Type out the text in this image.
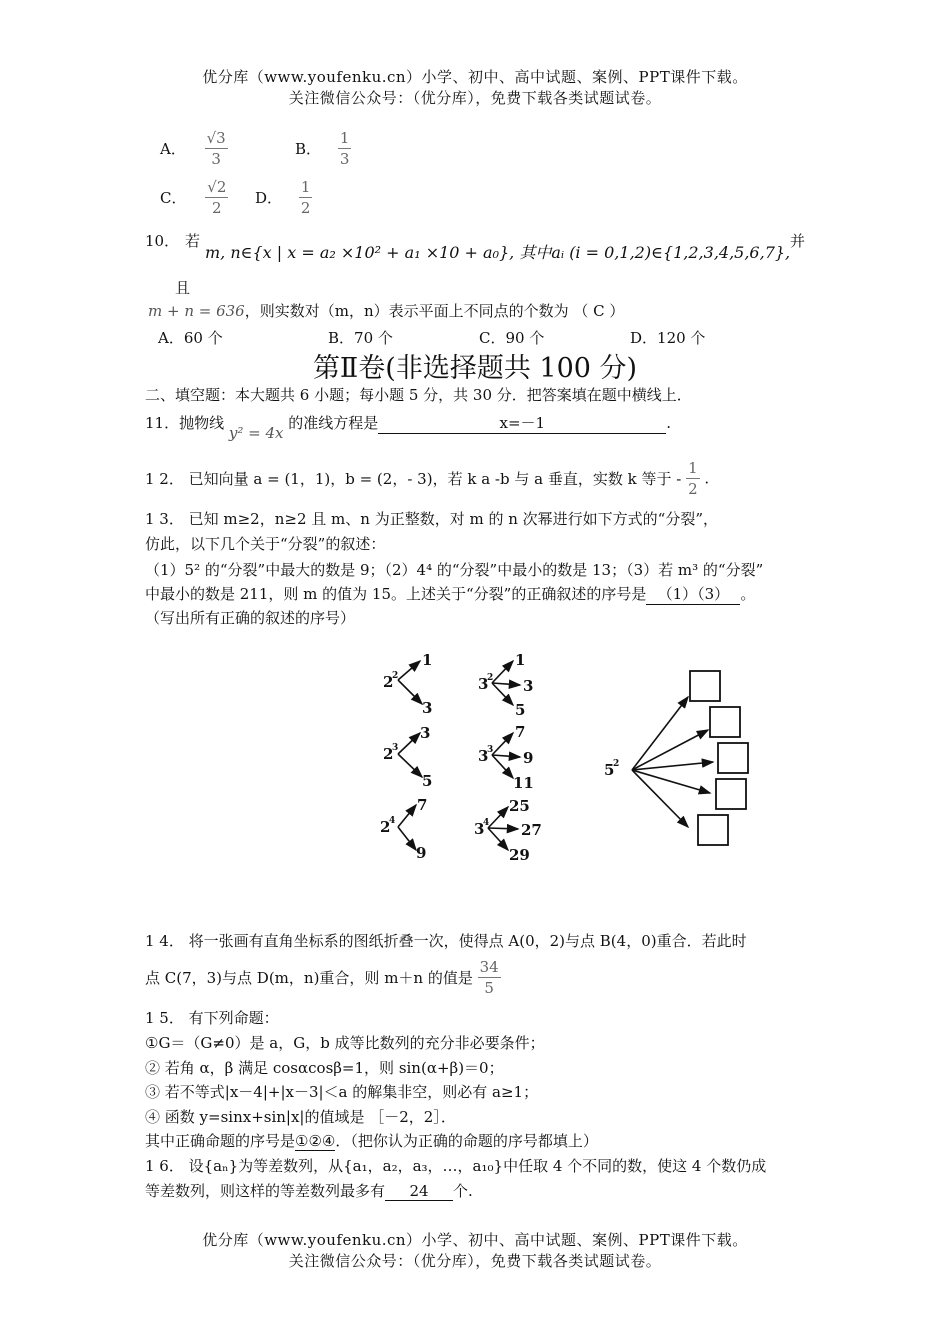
优分库（www.youfenku.cn）小学、初中、高中试题、案例、PPT课件下载。
关注微信公众号：（优分库），免费下载各类试题试卷。
A． $\frac{√3}{3}$	B． $\frac{1}{3}$
C． $\frac{√2}{2}$ D． $\frac{1}{2}$
10． 若
m, n∈{x | x = a₂ ×10² + a₁ ×10 + a₀}, 其中aᵢ (i = 0,1,2)∈{1,2,3,4,5,6,7},
并
且
m + n = 636，则实数对（m，n）表示平面上不同点的个数为 （ C ）
A．60 个	B．70 个	C．90 个	D．120 个
第Ⅱ卷(非选择题共 100 分)
二、填空题：本大题共 6 小题；每小题 5 分，共 30 分．把答案填在题中横线上．
11．抛物线 y² = 4x 的准线方程是	x=－1	.
1 2． 已知向量 a = (1，1)，b = (2，- 3)，若 k a -b 与 a 垂直，实数 k 等于 - $\frac{1}{2}$ .
1 3． 已知 m≥2，n≥2 且 m、n 为正整数，对 m 的 n 次幂进行如下方式的“分裂”，
仿此，以下几个关于“分裂”的叙述：
（1）5² 的“分裂”中最大的数是 9；（2）4⁴ 的“分裂”中最小的数是 13；（3）若 m³ 的“分裂”
中最小的数是 211，则 m 的值为 15。上述关于“分裂”的正确叙述的序号是 （1）（3） 。
（写出所有正确的叙述的序号）
2
2
1
3
2
3
3
5
2
4
7
9
3
2
1
3
5
3
3
7
9
11
3
4
25
27
29
5
2
1 4． 将一张画有直角坐标系的图纸折叠一次，使得点 A(0，2)与点 B(4，0)重合．若此时
点 C(7，3)与点 D(m，n)重合，则 m＋n 的值是 $\frac{34}{5}$
1 5． 有下列命题：
①G＝（G≠0）是 a，G，b 成等比数列的充分非必要条件；
② 若角 α，β 满足 cosαcosβ=1，则 sin(α+β)＝0；
③ 若不等式|x－4|+|x－3|＜a 的解集非空，则必有 a≥1；
④ 函数 y=sinx+sin|x|的值域是 ［－2，2］．
其中正确命题的序号是①②④．（把你认为正确的命题的序号都填上）
1 6． 设{aₙ}为等差数列，从{a₁，a₂，a₃，…，a₁₀}中任取 4 个不同的数，使这 4 个数仍成
等差数列，则这样的等差数列最多有 24 个.
优分库（www.youfenku.cn）小学、初中、高中试题、案例、PPT课件下载。
关注微信公众号：（优分库），免费下载各类试题试卷。
